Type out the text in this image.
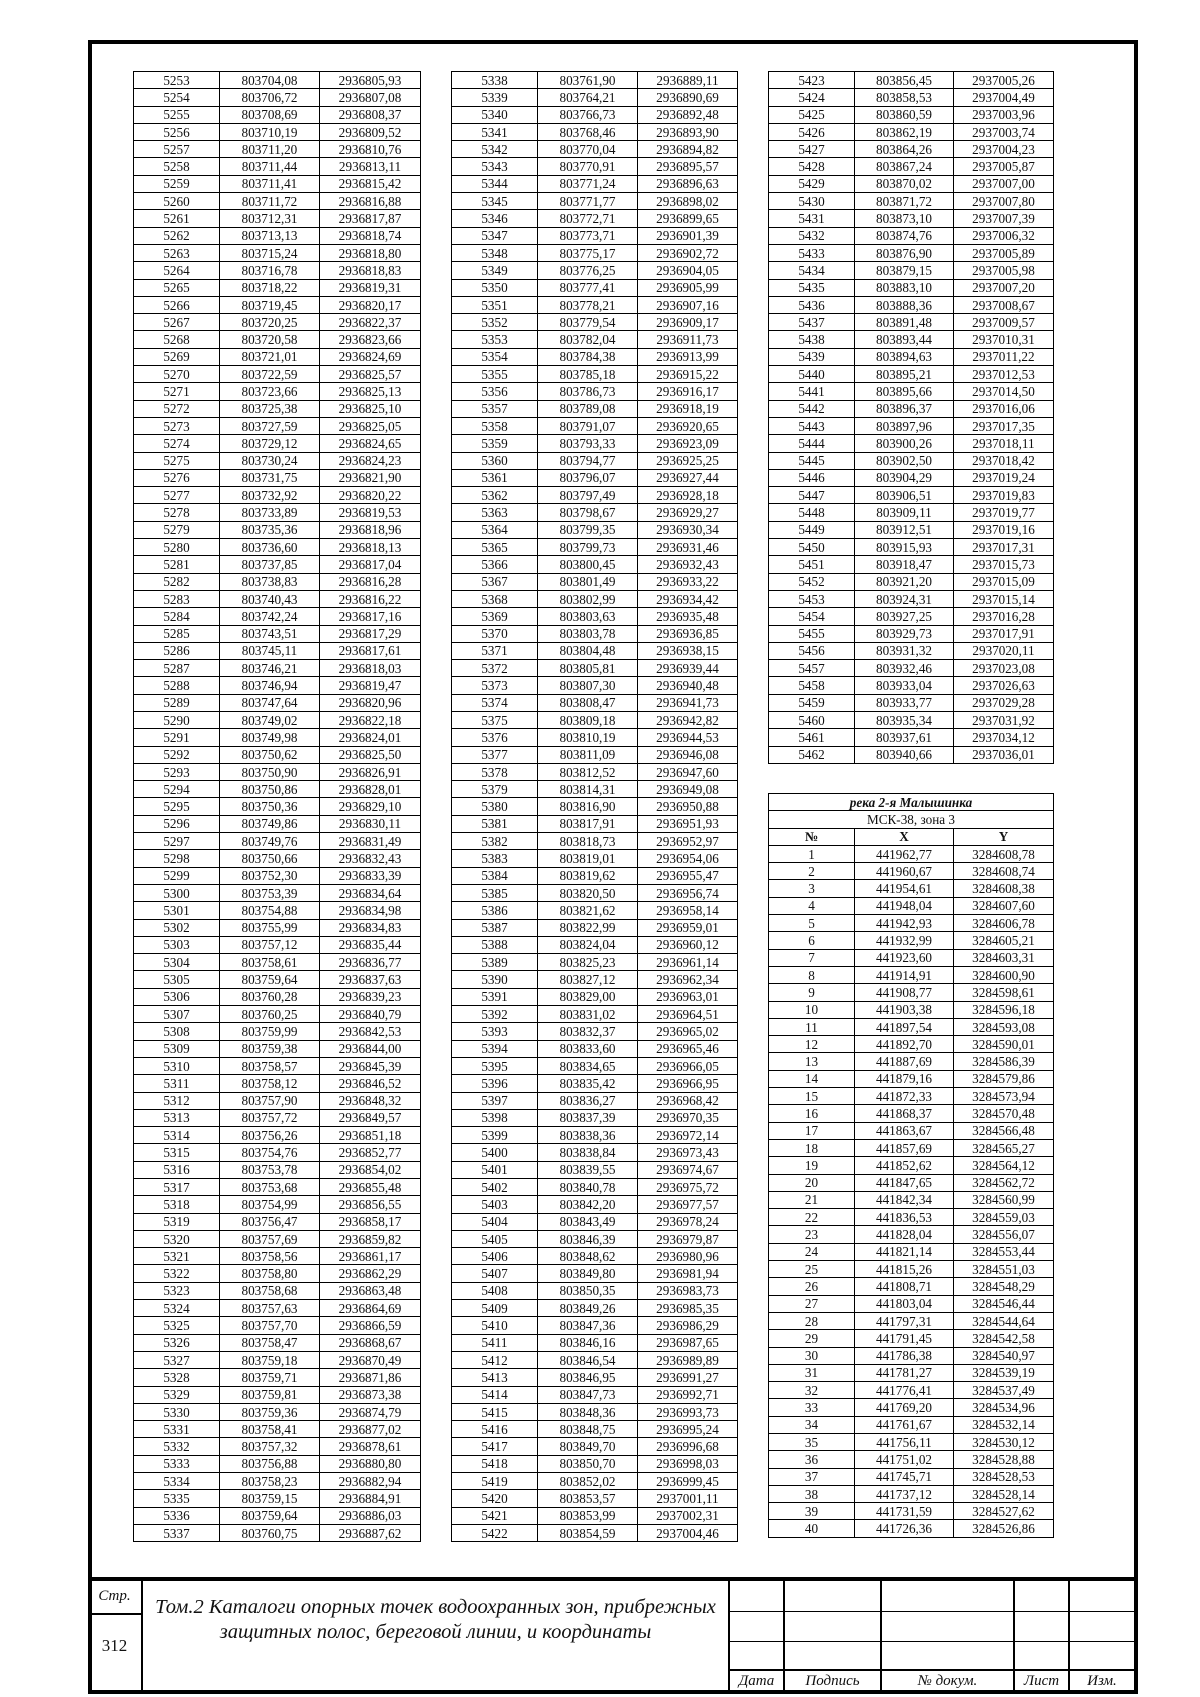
5253	803704,08	2936805,93
5254	803706,72	2936807,08
5255	803708,69	2936808,37
5256	803710,19	2936809,52
5257	803711,20	2936810,76
5258	803711,44	2936813,11
5259	803711,41	2936815,42
5260	803711,72	2936816,88
5261	803712,31	2936817,87
5262	803713,13	2936818,74
5263	803715,24	2936818,80
5264	803716,78	2936818,83
5265	803718,22	2936819,31
5266	803719,45	2936820,17
5267	803720,25	2936822,37
5268	803720,58	2936823,66
5269	803721,01	2936824,69
5270	803722,59	2936825,57
5271	803723,66	2936825,13
5272	803725,38	2936825,10
5273	803727,59	2936825,05
5274	803729,12	2936824,65
5275	803730,24	2936824,23
5276	803731,75	2936821,90
5277	803732,92	2936820,22
5278	803733,89	2936819,53
5279	803735,36	2936818,96
5280	803736,60	2936818,13
5281	803737,85	2936817,04
5282	803738,83	2936816,28
5283	803740,43	2936816,22
5284	803742,24	2936817,16
5285	803743,51	2936817,29
5286	803745,11	2936817,61
5287	803746,21	2936818,03
5288	803746,94	2936819,47
5289	803747,64	2936820,96
5290	803749,02	2936822,18
5291	803749,98	2936824,01
5292	803750,62	2936825,50
5293	803750,90	2936826,91
5294	803750,86	2936828,01
5295	803750,36	2936829,10
5296	803749,86	2936830,11
5297	803749,76	2936831,49
5298	803750,66	2936832,43
5299	803752,30	2936833,39
5300	803753,39	2936834,64
5301	803754,88	2936834,98
5302	803755,99	2936834,83
5303	803757,12	2936835,44
5304	803758,61	2936836,77
5305	803759,64	2936837,63
5306	803760,28	2936839,23
5307	803760,25	2936840,79
5308	803759,99	2936842,53
5309	803759,38	2936844,00
5310	803758,57	2936845,39
5311	803758,12	2936846,52
5312	803757,90	2936848,32
5313	803757,72	2936849,57
5314	803756,26	2936851,18
5315	803754,76	2936852,77
5316	803753,78	2936854,02
5317	803753,68	2936855,48
5318	803754,99	2936856,55
5319	803756,47	2936858,17
5320	803757,69	2936859,82
5321	803758,56	2936861,17
5322	803758,80	2936862,29
5323	803758,68	2936863,48
5324	803757,63	2936864,69
5325	803757,70	2936866,59
5326	803758,47	2936868,67
5327	803759,18	2936870,49
5328	803759,71	2936871,86
5329	803759,81	2936873,38
5330	803759,36	2936874,79
5331	803758,41	2936877,02
5332	803757,32	2936878,61
5333	803756,88	2936880,80
5334	803758,23	2936882,94
5335	803759,15	2936884,91
5336	803759,64	2936886,03
5337	803760,75	2936887,62
5338	803761,90	2936889,11
5339	803764,21	2936890,69
5340	803766,73	2936892,48
5341	803768,46	2936893,90
5342	803770,04	2936894,82
5343	803770,91	2936895,57
5344	803771,24	2936896,63
5345	803771,77	2936898,02
5346	803772,71	2936899,65
5347	803773,71	2936901,39
5348	803775,17	2936902,72
5349	803776,25	2936904,05
5350	803777,41	2936905,99
5351	803778,21	2936907,16
5352	803779,54	2936909,17
5353	803782,04	2936911,73
5354	803784,38	2936913,99
5355	803785,18	2936915,22
5356	803786,73	2936916,17
5357	803789,08	2936918,19
5358	803791,07	2936920,65
5359	803793,33	2936923,09
5360	803794,77	2936925,25
5361	803796,07	2936927,44
5362	803797,49	2936928,18
5363	803798,67	2936929,27
5364	803799,35	2936930,34
5365	803799,73	2936931,46
5366	803800,45	2936932,43
5367	803801,49	2936933,22
5368	803802,99	2936934,42
5369	803803,63	2936935,48
5370	803803,78	2936936,85
5371	803804,48	2936938,15
5372	803805,81	2936939,44
5373	803807,30	2936940,48
5374	803808,47	2936941,73
5375	803809,18	2936942,82
5376	803810,19	2936944,53
5377	803811,09	2936946,08
5378	803812,52	2936947,60
5379	803814,31	2936949,08
5380	803816,90	2936950,88
5381	803817,91	2936951,93
5382	803818,73	2936952,97
5383	803819,01	2936954,06
5384	803819,62	2936955,47
5385	803820,50	2936956,74
5386	803821,62	2936958,14
5387	803822,99	2936959,01
5388	803824,04	2936960,12
5389	803825,23	2936961,14
5390	803827,12	2936962,34
5391	803829,00	2936963,01
5392	803831,02	2936964,51
5393	803832,37	2936965,02
5394	803833,60	2936965,46
5395	803834,65	2936966,05
5396	803835,42	2936966,95
5397	803836,27	2936968,42
5398	803837,39	2936970,35
5399	803838,36	2936972,14
5400	803838,84	2936973,43
5401	803839,55	2936974,67
5402	803840,78	2936975,72
5403	803842,20	2936977,57
5404	803843,49	2936978,24
5405	803846,39	2936979,87
5406	803848,62	2936980,96
5407	803849,80	2936981,94
5408	803850,35	2936983,73
5409	803849,26	2936985,35
5410	803847,36	2936986,29
5411	803846,16	2936987,65
5412	803846,54	2936989,89
5413	803846,95	2936991,27
5414	803847,73	2936992,71
5415	803848,36	2936993,73
5416	803848,75	2936995,24
5417	803849,70	2936996,68
5418	803850,70	2936998,03
5419	803852,02	2936999,45
5420	803853,57	2937001,11
5421	803853,99	2937002,31
5422	803854,59	2937004,46
5423	803856,45	2937005,26
5424	803858,53	2937004,49
5425	803860,59	2937003,96
5426	803862,19	2937003,74
5427	803864,26	2937004,23
5428	803867,24	2937005,87
5429	803870,02	2937007,00
5430	803871,72	2937007,80
5431	803873,10	2937007,39
5432	803874,76	2937006,32
5433	803876,90	2937005,89
5434	803879,15	2937005,98
5435	803883,10	2937007,20
5436	803888,36	2937008,67
5437	803891,48	2937009,57
5438	803893,44	2937010,31
5439	803894,63	2937011,22
5440	803895,21	2937012,53
5441	803895,66	2937014,50
5442	803896,37	2937016,06
5443	803897,96	2937017,35
5444	803900,26	2937018,11
5445	803902,50	2937018,42
5446	803904,29	2937019,24
5447	803906,51	2937019,83
5448	803909,11	2937019,77
5449	803912,51	2937019,16
5450	803915,93	2937017,31
5451	803918,47	2937015,73
5452	803921,20	2937015,09
5453	803924,31	2937015,14
5454	803927,25	2937016,28
5455	803929,73	2937017,91
5456	803931,32	2937020,11
5457	803932,46	2937023,08
5458	803933,04	2937026,63
5459	803933,77	2937029,28
5460	803935,34	2937031,92
5461	803937,61	2937034,12
5462	803940,66	2937036,01
река 2-я Малышинка		
МСК-38, зона 3		
№	X	Y
1	441962,77	3284608,78
2	441960,67	3284608,74
3	441954,61	3284608,38
4	441948,04	3284607,60
5	441942,93	3284606,78
6	441932,99	3284605,21
7	441923,60	3284603,31
8	441914,91	3284600,90
9	441908,77	3284598,61
10	441903,38	3284596,18
11	441897,54	3284593,08
12	441892,70	3284590,01
13	441887,69	3284586,39
14	441879,16	3284579,86
15	441872,33	3284573,94
16	441868,37	3284570,48
17	441863,67	3284566,48
18	441857,69	3284565,27
19	441852,62	3284564,12
20	441847,65	3284562,72
21	441842,34	3284560,99
22	441836,53	3284559,03
23	441828,04	3284556,07
24	441821,14	3284553,44
25	441815,26	3284551,03
26	441808,71	3284548,29
27	441803,04	3284546,44
28	441797,31	3284544,64
29	441791,45	3284542,58
30	441786,38	3284540,97
31	441781,27	3284539,19
32	441776,41	3284537,49
33	441769,20	3284534,96
34	441761,67	3284532,14
35	441756,11	3284530,12
36	441751,02	3284528,88
37	441745,71	3284528,53
38	441737,12	3284528,14
39	441731,59	3284527,62
40	441726,36	3284526,86
Стр.
312
Том.2 Каталоги опорных точек водоохранных зон, прибрежных защитных полос, береговой линии, и координаты
Дата	Подпись	№ докум.	Лист	Изм.
